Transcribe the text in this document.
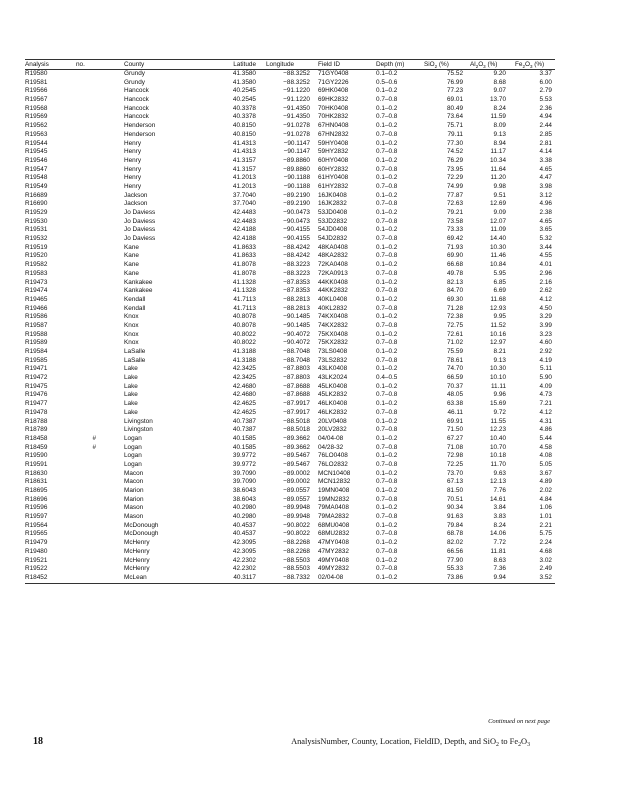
Analysis	no.	County	Latitude	Longitude	Field ID	Depth (m)	SiO$_2$ (%)	$Al_2O_3$ (%)	$Fe_2O_3$ (%)
R19580		Grundy	41.3580	−88.3252	71GY0408	0.1–0.2	75.52	9.20	3.37
R19581		Grundy	41.3580	−88.3252	71GY2226	0.5–0.6	76.99	8.68	6.00
R19566		Hancock	40.2545	−91.1220	69HK0408	0.1–0.2	77.23	9.07	2.79
R19567		Hancock	40.2545	−91.1220	69HK2832	0.7–0.8	69.01	13.70	5.53
R19568		Hancock	40.3378	−91.4350	70HK0408	0.1–0.2	80.49	8.24	2.36
R19569		Hancock	40.3378	−91.4350	70HK2832	0.7–0.8	73.64	11.59	4.94
R19562		Henderson	40.8150	−91.0278	67HN0408	0.1–0.2	75.71	8.09	2.44
R19563		Henderson	40.8150	−91.0278	67HN2832	0.7–0.8	79.11	9.13	2.85
R19544		Henry	41.4313	−90.1147	59HY0408	0.1–0.2	77.30	8.94	2.81
R19545		Henry	41.4313	−90.1147	59HY2832	0.7–0.8	74.52	11.17	4.14
R19546		Henry	41.3157	−89.8860	60HY0408	0.1–0.2	76.29	10.34	3.38
R19547		Henry	41.3157	−89.8860	60HY2832	0.7–0.8	73.95	11.64	4.65
R19548		Henry	41.2013	−90.1188	61HY0408	0.1–0.2	72.29	11.20	4.47
R19549		Henry	41.2013	−90.1188	61HY2832	0.7–0.8	74.99	9.98	3.98
R16689		Jackson	37.7040	−89.2190	16JK0408	0.1–0.2	77.87	9.51	3.12
R16690		Jackson	37.7040	−89.2190	16JK2832	0.7–0.8	72.63	12.69	4.96
R19529		Jo Daviess	42.4483	−90.0473	53JD0408	0.1–0.2	79.21	9.09	2.38
R19530		Jo Daviess	42.4483	−90.0473	53JD2832	0.7–0.8	73.58	12.07	4.65
R19531		Jo Daviess	42.4188	−90.4155	54JD0408	0.1–0.2	73.33	11.09	3.65
R19532		Jo Daviess	42.4188	−90.4155	54JD2832	0.7–0.8	69.42	14.40	5.32
R19519		Kane	41.8633	−88.4242	48KA0408	0.1–0.2	71.93	10.30	3.44
R19520		Kane	41.8633	−88.4242	48KA2832	0.7–0.8	69.90	11.46	4.55
R19582		Kane	41.8078	−88.3223	72KA0408	0.1–0.2	66.68	10.84	4.01
R19583		Kane	41.8078	−88.3223	72KA0913	0.7–0.8	49.78	5.95	2.96
R19473		Kankakee	41.1328	−87.8353	44KK0408	0.1–0.2	82.13	6.85	2.16
R19474		Kankakee	41.1328	−87.8353	44KK2832	0.7–0.8	84.70	6.69	2.62
R19465		Kendall	41.7113	−88.2813	40KL0408	0.1–0.2	69.30	11.68	4.12
R19466		Kendall	41.7113	−88.2813	40KL2832	0.7–0.8	71.28	12.93	4.50
R19586		Knox	40.8078	−90.1485	74KX0408	0.1–0.2	72.38	9.95	3.29
R19587		Knox	40.8078	−90.1485	74KX2832	0.7–0.8	72.75	11.52	3.99
R19588		Knox	40.8022	−90.4072	75KX0408	0.1–0.2	72.61	10.16	3.23
R19589		Knox	40.8022	−90.4072	75KX2832	0.7–0.8	71.02	12.97	4.60
R19584		LaSalle	41.3188	−88.7048	73LS0408	0.1–0.2	75.59	8.21	2.92
R19585		LaSalle	41.3188	−88.7048	73LS2832	0.7–0.8	78.61	9.13	4.19
R19471		Lake	42.3425	−87.8803	43LK0408	0.1–0.2	74.70	10.30	5.11
R19472		Lake	42.3425	−87.8803	43LK2024	0.4–0.5	66.59	10.10	5.90
R19475		Lake	42.4680	−87.8688	45LK0408	0.1–0.2	70.37	11.11	4.09
R19476		Lake	42.4680	−87.8688	45LK2832	0.7–0.8	48.05	9.96	4.73
R19477		Lake	42.4625	−87.9917	46LK0408	0.1–0.2	63.38	15.69	7.21
R19478		Lake	42.4625	−87.9917	46LK2832	0.7–0.8	46.11	9.72	4.12
R18788		Livingston	40.7387	−88.5018	20LV0408	0.1–0.2	69.91	11.55	4.31
R18789		Livingston	40.7387	−88.5018	20LV2832	0.7–0.8	71.50	12.23	4.86
R18458	#	Logan	40.1585	−89.3662	04/04-08	0.1–0.2	67.27	10.40	5.44
R18459	#	Logan	40.1585	−89.3662	04/28-32	0.7–0.8	71.08	10.70	4.58
R19590		Logan	39.9772	−89.5467	76LO0408	0.1–0.2	72.98	10.18	4.08
R19591		Logan	39.9772	−89.5467	76LO2832	0.7–0.8	72.25	11.70	5.05
R18630		Macon	39.7090	−89.0002	MCN10408	0.1–0.2	73.70	9.63	3.67
R18631		Macon	39.7090	−89.0002	MCN12832	0.7–0.8	67.13	12.13	4.89
R18695		Marion	38.6043	−89.0557	19MN0408	0.1–0.2	81.50	7.76	2.02
R18696		Marion	38.6043	−89.0557	19MN2832	0.7–0.8	70.51	14.61	4.84
R19596		Mason	40.2980	−89.9948	79MA0408	0.1–0.2	90.34	3.84	1.06
R19597		Mason	40.2980	−89.9948	79MA2832	0.7–0.8	91.63	3.83	1.01
R19564		McDonough	40.4537	−90.8022	68MU0408	0.1–0.2	79.84	8.24	2.21
R19565		McDonough	40.4537	−90.8022	68MU2832	0.7–0.8	68.78	14.06	5.75
R19479		McHenry	42.3095	−88.2268	47MY0408	0.1–0.2	82.02	7.72	2.24
R19480		McHenry	42.3095	−88.2268	47MY2832	0.7–0.8	66.56	11.81	4.68
R19521		McHenry	42.2302	−88.5503	49MY0408	0.1–0.2	77.90	8.63	3.02
R19522		McHenry	42.2302	−88.5503	49MY2832	0.7–0.8	55.33	7.36	2.49
R18452		McLean	40.3117	−88.7332	02/04-08	0.1–0.2	73.86	9.94	3.52
Continued on next page
18	AnalysisNumber, County, Location, FieldID, Depth, and SiO$_2$ to $Fe_2O_3$
